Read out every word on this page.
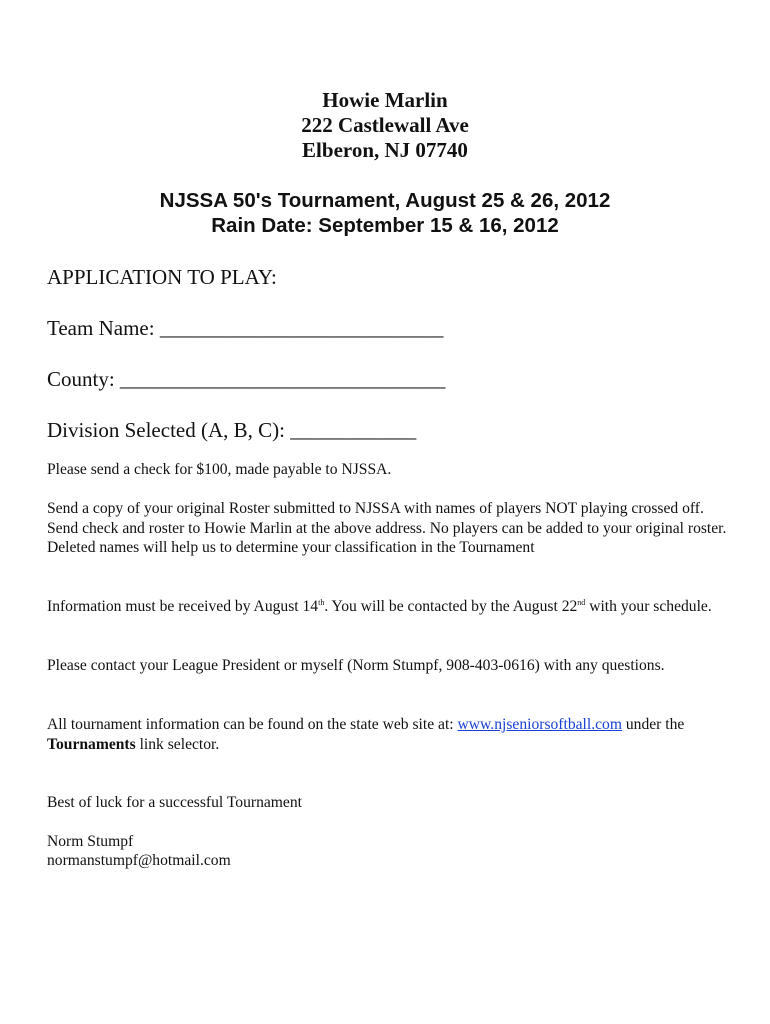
Howie Marlin
222 Castlewall Ave
Elberon, NJ 07740
NJSSA 50's Tournament, August 25 & 26, 2012
Rain Date: September 15 & 16, 2012
APPLICATION TO PLAY:
Team Name: ___________________________
County: _______________________________
Division Selected (A, B, C): ____________
Please send a check for $100, made payable to NJSSA.
Send a copy of your original Roster submitted to NJSSA with names of players NOT playing crossed off. Send check and roster to Howie Marlin at the above address. No players can be added to your original roster. Deleted names will help us to determine your classification in the Tournament
Information must be received by August 14th. You will be contacted by the August 22nd with your schedule.
Please contact your League President or myself (Norm Stumpf, 908-403-0616) with any questions.
All tournament information can be found on the state web site at: www.njseniorsoftball.com under the Tournaments link selector.
Best of luck for a successful Tournament
Norm Stumpf
normanstumpf@hotmail.com
